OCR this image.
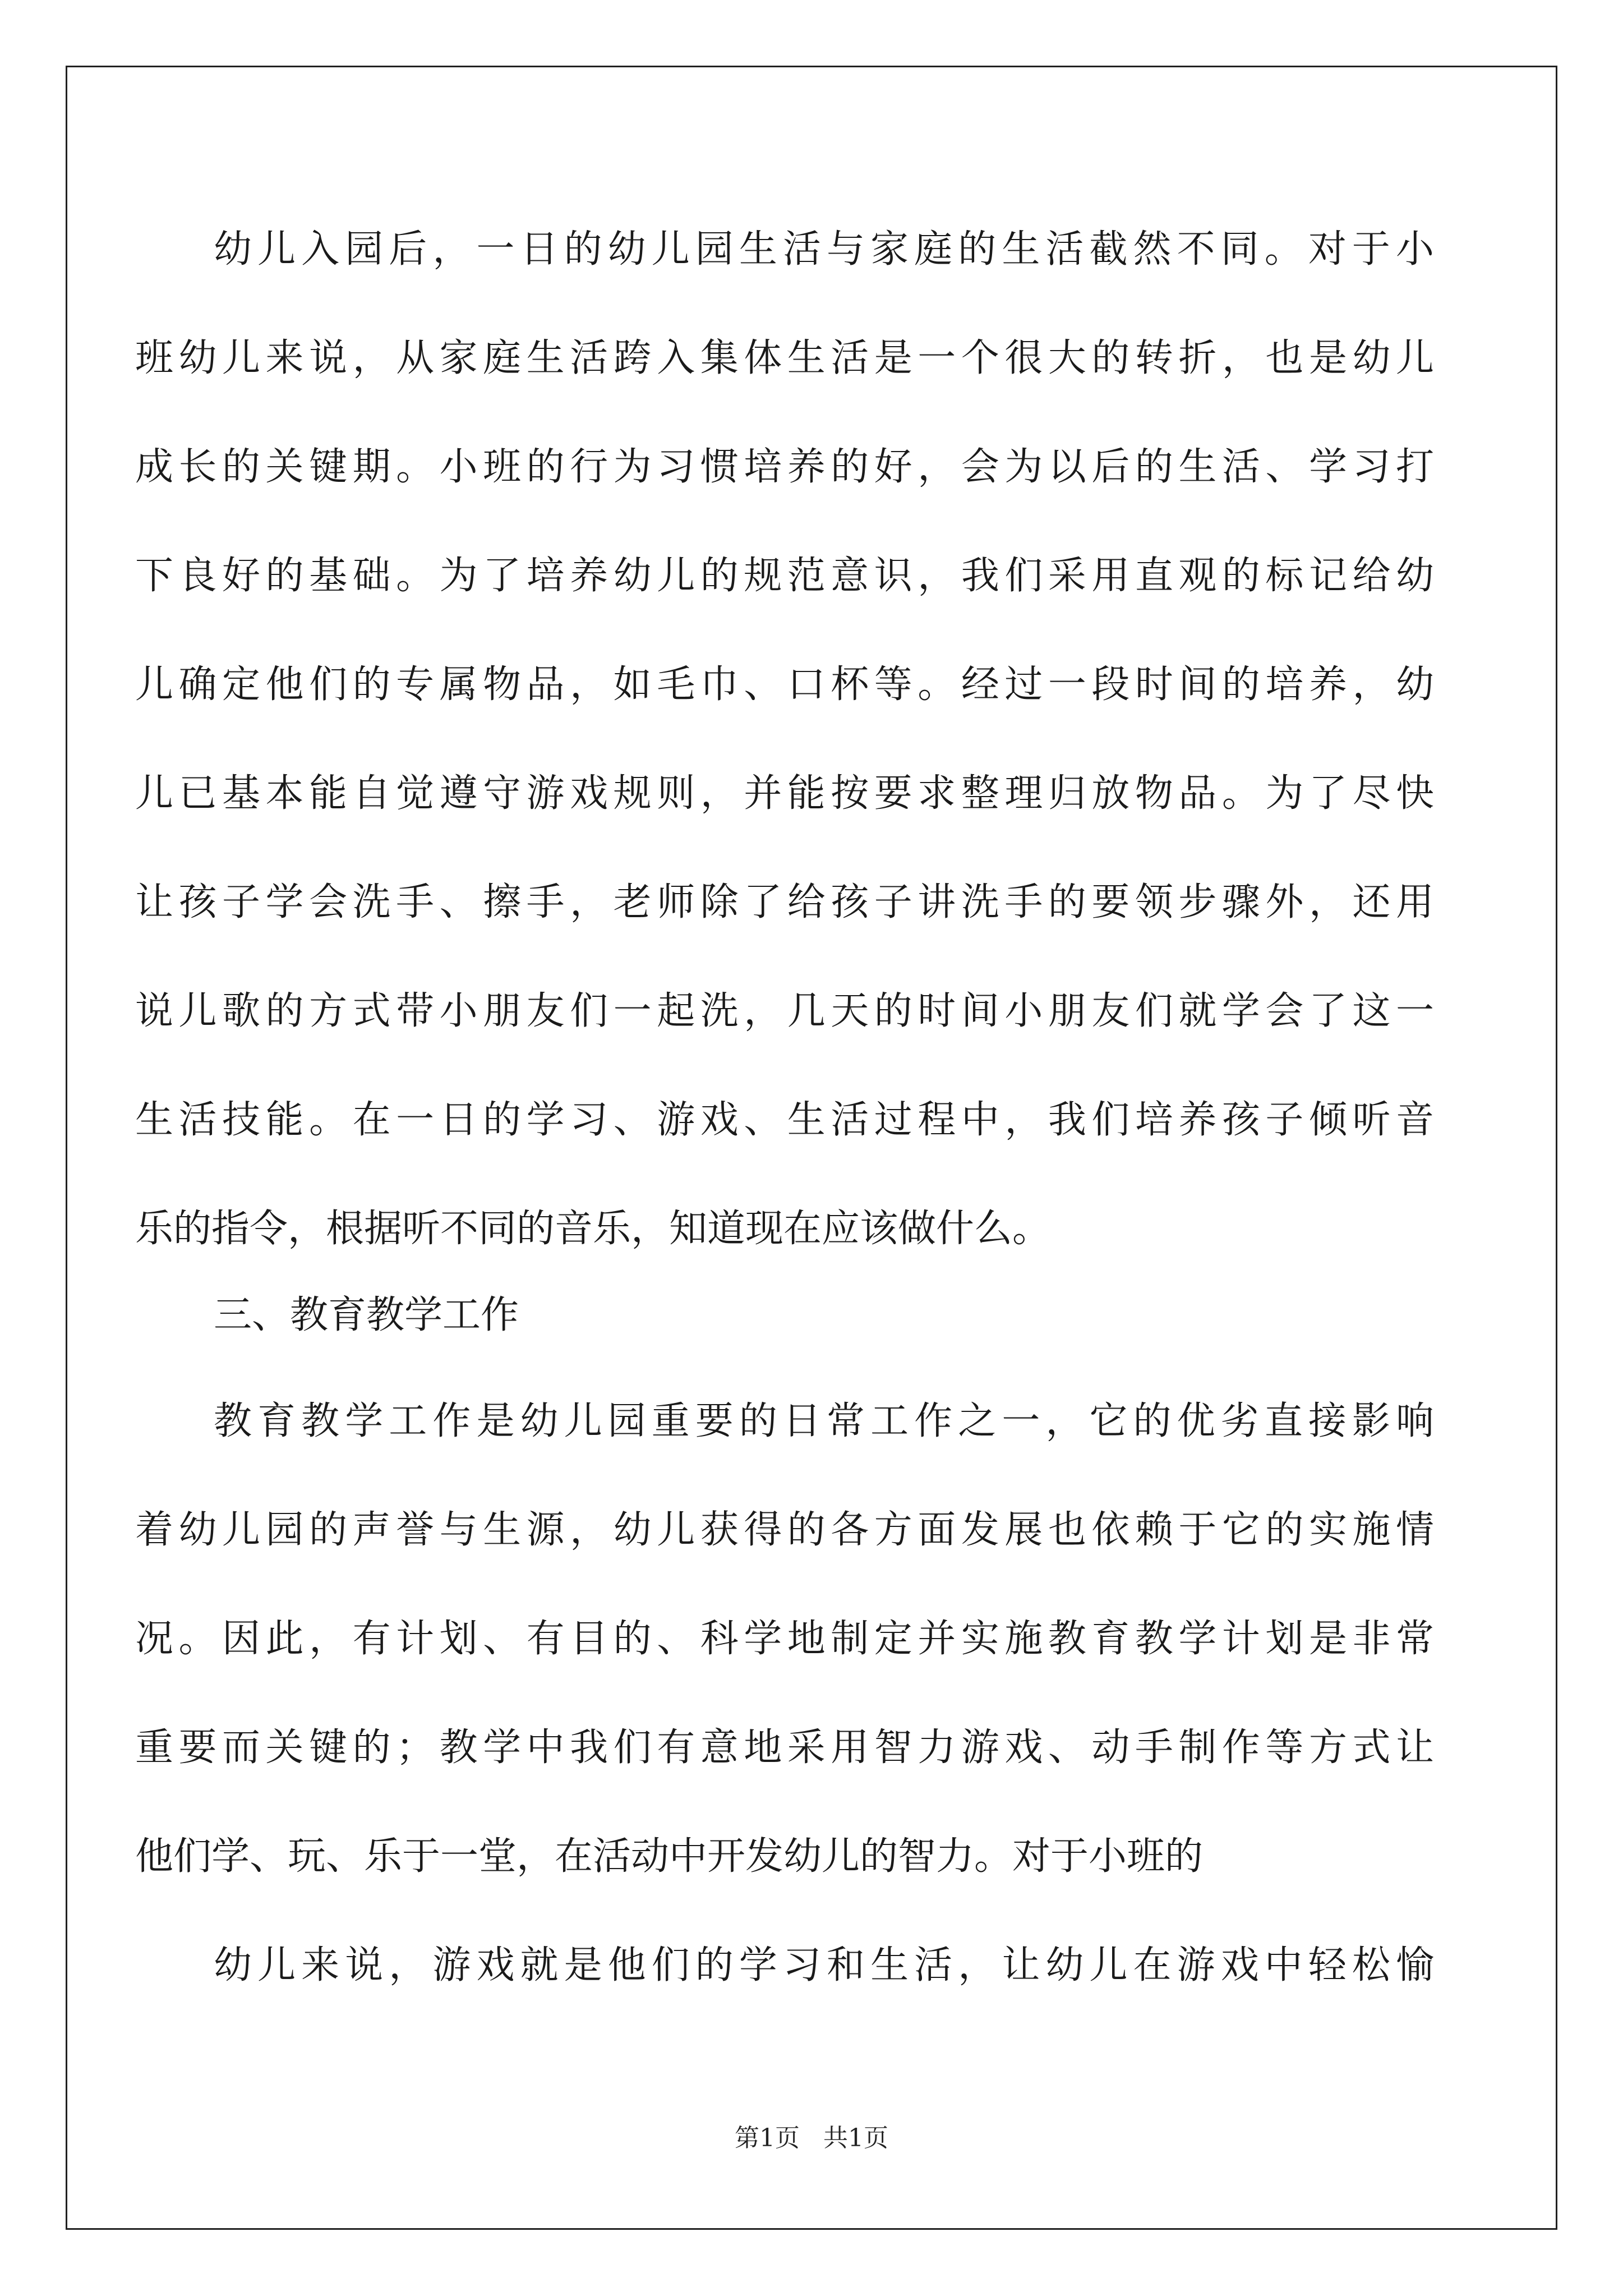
幼儿入园后，一日的幼儿园生活与家庭的生活截然不同。对于小
班幼儿来说，从家庭生活跨入集体生活是一个很大的转折，也是幼儿
成长的关键期。小班的行为习惯培养的好，会为以后的生活、学习打
下良好的基础。为了培养幼儿的规范意识，我们采用直观的标记给幼
儿确定他们的专属物品，如毛巾、口杯等。经过一段时间的培养，幼
儿已基本能自觉遵守游戏规则，并能按要求整理归放物品。为了尽快
让孩子学会洗手、擦手，老师除了给孩子讲洗手的要领步骤外，还用
说儿歌的方式带小朋友们一起洗，几天的时间小朋友们就学会了这一
生活技能。在一日的学习、游戏、生活过程中，我们培养孩子倾听音
乐的指令，根据听不同的音乐，知道现在应该做什么。
三、教育教学工作
教育教学工作是幼儿园重要的日常工作之一，它的优劣直接影响
着幼儿园的声誉与生源，幼儿获得的各方面发展也依赖于它的实施情
况。因此，有计划、有目的、科学地制定并实施教育教学计划是非常
重要而关键的；教学中我们有意地采用智力游戏、动手制作等方式让
他们学、玩、乐于一堂，在活动中开发幼儿的智力。对于小班的
幼儿来说，游戏就是他们的学习和生活，让幼儿在游戏中轻松愉
第1页   共1页
